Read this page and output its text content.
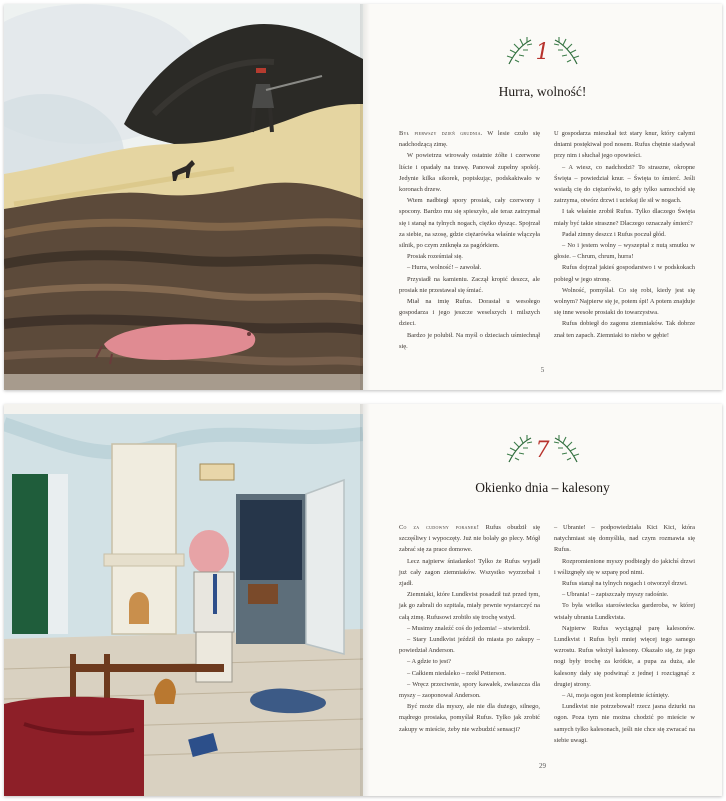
1
Hurra, wolność!

Był pierwszy dzień grudnia. W lesie czuło się nadchodzącą zimę.

W powietrzu wirowały ostatnie żółte i czerwone liście i opadały na trawę. Panował zupełny spokój. Jedynie kilka sikorek, popiskując, podskakiwało w koronach drzew.

Wtem nadbiegł spory prosiak, cały czerwony i spocony. Bardzo mu się spieszyło, ale teraz zatrzymał się i stanął na tylnych nogach, ciężko dysząc. Spojrzał za siebie, na szosę, gdzie ciężarówka właśnie włączyła silnik, po czym zniknęła za pagórkiem.

Prosiak roześmiał się.

– Hurra, wolność! – zawołał.

Przysiadł na kamieniu. Zaczął kropić deszcz, ale prosiak nie przestawał się śmiać.

Miał na imię Rufus. Dorastał u wesołego gospodarza i jego jeszcze weselszych i milszych dzieci.

Bardzo je polubił. Na myśl o dzieciach uśmiechnął się.

U gospodarza mieszkał też stary knur, który całymi dniami postękiwał pod nosem. Rufus chętnie siadywał przy nim i słuchał jego opowieści.

– A wiesz, co nadchodzi? To straszne, okropne Święta – powiedział knur. – Święta to śmierć. Jeśli wsiadą cię do ciężarówki, to gdy tylko samochód się zatrzyma, otwórz drzwi i uciekaj ile sił w nogach.

I tak właśnie zrobił Rufus. Tylko dlaczego Święta miały być takie straszne? Dlaczego oznaczały śmierć?

Padał zimny deszcz i Rufus poczuł głód.

– No i jestem wolny – wyszeptał z nutą smutku w głosie. – Chrum, chrum, hurra!

Rufus dojrzał jakieś gospodarstwo i w podskokach pobiegł w jego stronę.

Wolność, pomyślał. Co się robi, kiedy jest się wolnym? Najpierw się je, potem śpi! A potem znajduje się inne wesołe prosiaki do towarzystwa.

Rufus dobiegł do zagonu ziemniaków. Tak dobrze znał ten zapach. Ziemniaki to niebo w gębie!

5
7
Okienko dnia – kalesony

Co za cudowny poranek! Rufus obudził się szczęśliwy i wypoczęty. Już nie bolały go plecy. Mógł zabrać się za prace domowe.

Lecz najpierw śniadanko! Tylko że Rufus wyjadł już cały zagon ziemniaków. Wszystko wyzrzebał i zjadł.

Ziemniaki, które Lundkvist posadził tuż przed tym, jak go zabrali do szpitala, miały pewnie wystarczyć na całą zimę. Rufusowi zrobiło się trochę wstyd.

– Musimy znaleźć coś do jedzenia! – stwierdził.

– Stary Lundkvist jeździł do miasta po zakupy – powiedział Anderson.

– A gdzie to jest?

– Całkiem niedaleko – rzekł Petterson.

– Wręcz przeciwnie, spory kawałek, zwłaszcza dla myszy – zaoponował Anderson.

Być może dla myszy, ale nie dla dużego, silnego, mądrego prosiaka, pomyślał Rufus. Tylko jak zrobić zakupy w mieście, żeby nie wzbudzić sensacji?

– Ubranie! – podpowiedziała Kici Kici, która natychmiast się domyśliła, nad czym rozmawia się Rufus.

Rozpromienione myszy podbiegły do jakichś drzwi i wślizgnęły się w szparę pod nimi.

Rufus stanął na tylnych nogach i otworzył drzwi.

– Ubrania! – zapiszczały myszy radośnie.

To była wielka staroświecka garderoba, w której wisiały ubrania Lundkvista.

Najpierw Rufus wyciągnął parę kalesonów. Lundkvist i Rufus byli mniej więcej tego samego wzrostu. Rufus włożył kalesony. Okazało się, że jego nogi były trochę za krótkie, a pupa za duża, ale kalesony dały się podwinąć z jednej i rozciągnąć z drugiej strony.

– Ai, moja ogon jest kompletnie ściśnięty.

Lundkvist nie potrzebował! rzecz jasna dziurki na ogon. Poza tym nie można chodzić po mieście w samych tylko kalesonach, jeśli nie chce się zwracać na siebie uwagi.

29
